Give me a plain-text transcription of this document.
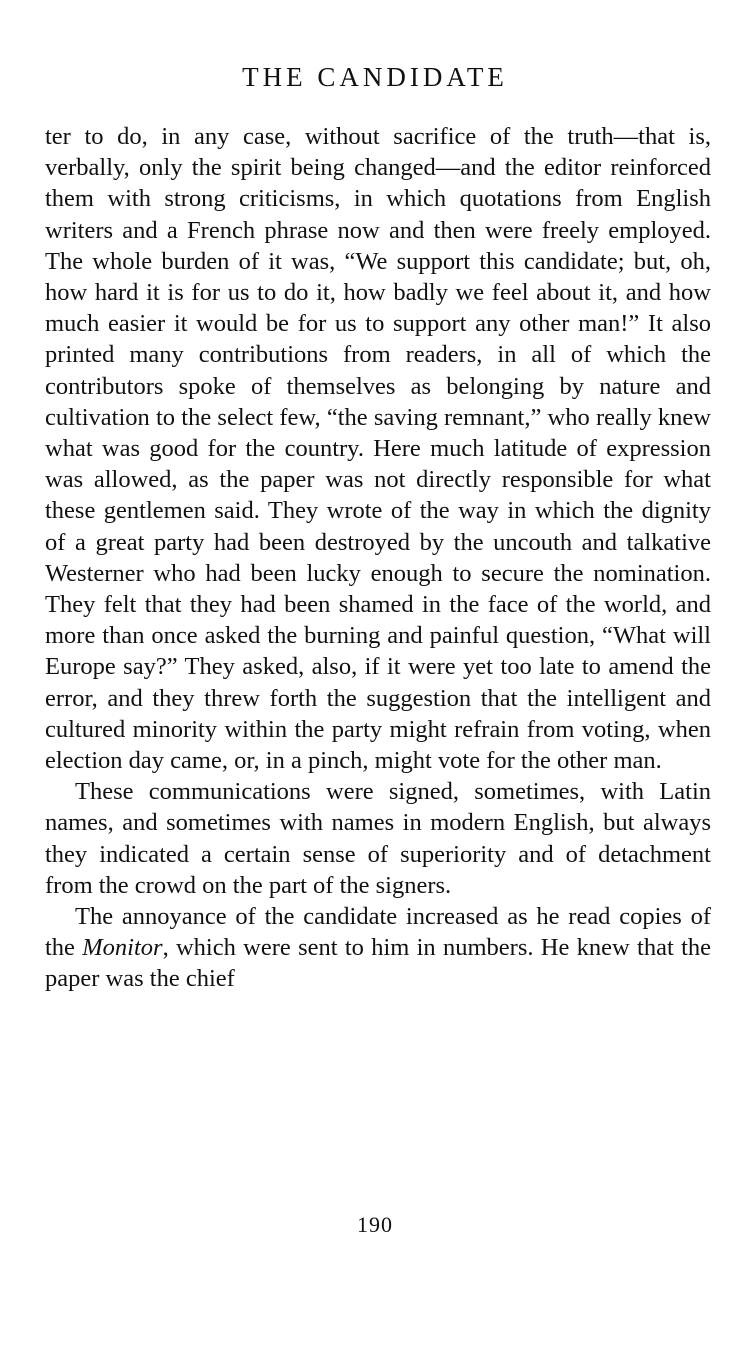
THE CANDIDATE

ter to do, in any case, without sacrifice of the truth—that is, verbally, only the spirit being changed—and the editor reinforced them with strong criticisms, in which quotations from English writers and a French phrase now and then were freely employed. The whole burden of it was, “We support this candidate; but, oh, how hard it is for us to do it, how badly we feel about it, and how much easier it would be for us to support any other man!” It also printed many contributions from readers, in all of which the contributors spoke of themselves as belonging by nature and cultivation to the select few, “the saving remnant,” who really knew what was good for the country. Here much latitude of expression was allowed, as the paper was not directly responsible for what these gentlemen said. They wrote of the way in which the dignity of a great party had been destroyed by the uncouth and talkative Westerner who had been lucky enough to secure the nomination. They felt that they had been shamed in the face of the world, and more than once asked the burning and painful question, “What will Europe say?” They asked, also, if it were yet too late to amend the error, and they threw forth the suggestion that the intelligent and cultured minority within the party might refrain from voting, when election day came, or, in a pinch, might vote for the other man.

These communications were signed, sometimes, with Latin names, and sometimes with names in modern English, but always they indicated a certain sense of superiority and of detachment from the crowd on the part of the signers.

The annoyance of the candidate increased as he read copies of the Monitor, which were sent to him in numbers. He knew that the paper was the chief

190
